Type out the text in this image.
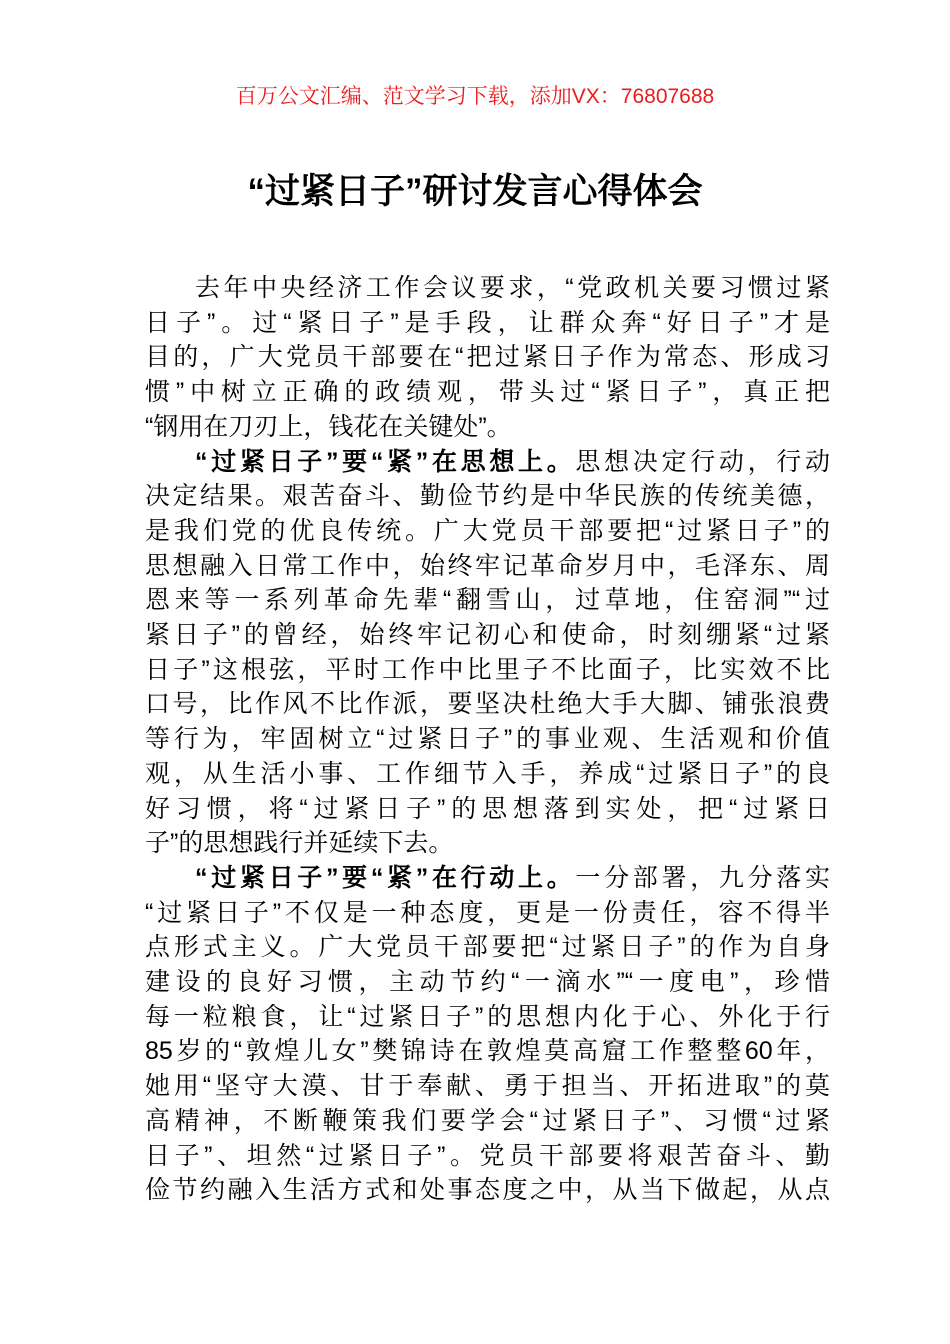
百万公文汇编、范文学习下载，添加VX：76807688
“过紧日子”研讨发言心得体会
去年中央经济工作会议要求，“党政机关要习惯过紧
日子”。过“紧日子”是手段，让群众奔“好日子”才是
目的，广大党员干部要在“把过紧日子作为常态、形成习
惯”中树立正确的政绩观，带头过“紧日子”，真正把
“钢用在刀刃上，钱花在关键处”。
“过紧日子”要“紧”在思想上。思想决定行动，行动
决定结果。艰苦奋斗、勤俭节约是中华民族的传统美德，
是我们党的优良传统。广大党员干部要把“过紧日子”的
思想融入日常工作中，始终牢记革命岁月中，毛泽东、周
恩来等一系列革命先辈“翻雪山，过草地，住窑洞”“过
紧日子”的曾经，始终牢记初心和使命，时刻绷紧“过紧
日子”这根弦，平时工作中比里子不比面子，比实效不比
口号，比作风不比作派，要坚决杜绝大手大脚、铺张浪费
等行为，牢固树立“过紧日子”的事业观、生活观和价值
观，从生活小事、工作细节入手，养成“过紧日子”的良
好习惯，将“过紧日子”的思想落到实处，把“过紧日
子”的思想践行并延续下去。
“过紧日子”要“紧”在行动上。一分部署，九分落实
“过紧日子”不仅是一种态度，更是一份责任，容不得半
点形式主义。广大党员干部要把“过紧日子”的作为自身
建设的良好习惯，主动节约“一滴水”“一度电”，珍惜
每一粒粮食，让“过紧日子”的思想内化于心、外化于行
85岁的“敦煌儿女”樊锦诗在敦煌莫高窟工作整整60年，
她用“坚守大漠、甘于奉献、勇于担当、开拓进取”的莫
高精神，不断鞭策我们要学会“过紧日子”、习惯“过紧
日子”、坦然“过紧日子”。党员干部要将艰苦奋斗、勤
俭节约融入生活方式和处事态度之中，从当下做起，从点
